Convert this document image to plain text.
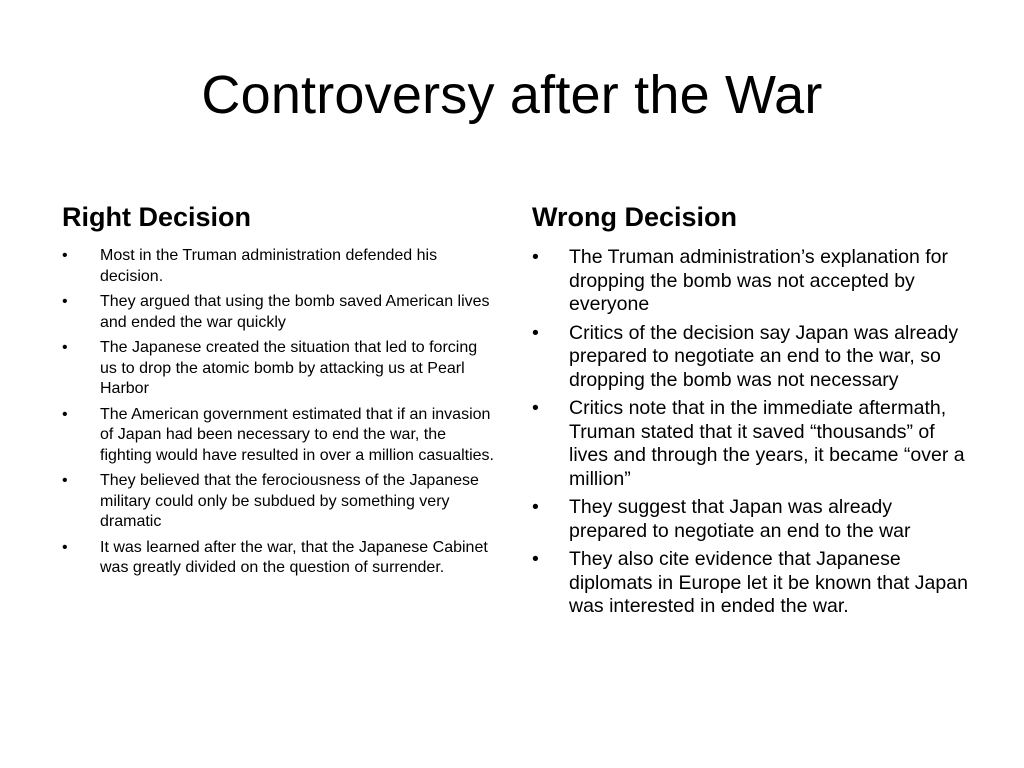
Controversy after the War
Right Decision
• Most in the Truman administration defended his decision.
• They argued that using the bomb saved American lives and ended the war quickly
• The Japanese created the situation that led to forcing us to drop the atomic bomb by attacking us at Pearl Harbor
• The American government estimated that if an invasion of Japan had been necessary to end the war, the fighting would have resulted in over a million casualties.
• They believed that the ferociousness of the Japanese military could only be subdued by something very dramatic
• It was learned after the war, that the Japanese Cabinet was greatly divided on the question of surrender.
Wrong Decision
• The Truman administration’s explanation for dropping the bomb was not accepted by everyone
• Critics of the decision say Japan was already prepared to negotiate an end to the war, so dropping the bomb was not necessary
• Critics note that in the immediate aftermath, Truman stated that it saved “thousands” of lives and through the years, it became “over a million”
• They suggest that Japan was already prepared to negotiate an end to the war
• They also cite evidence that Japanese diplomats in Europe let it be known that Japan was interested in ended the war.
